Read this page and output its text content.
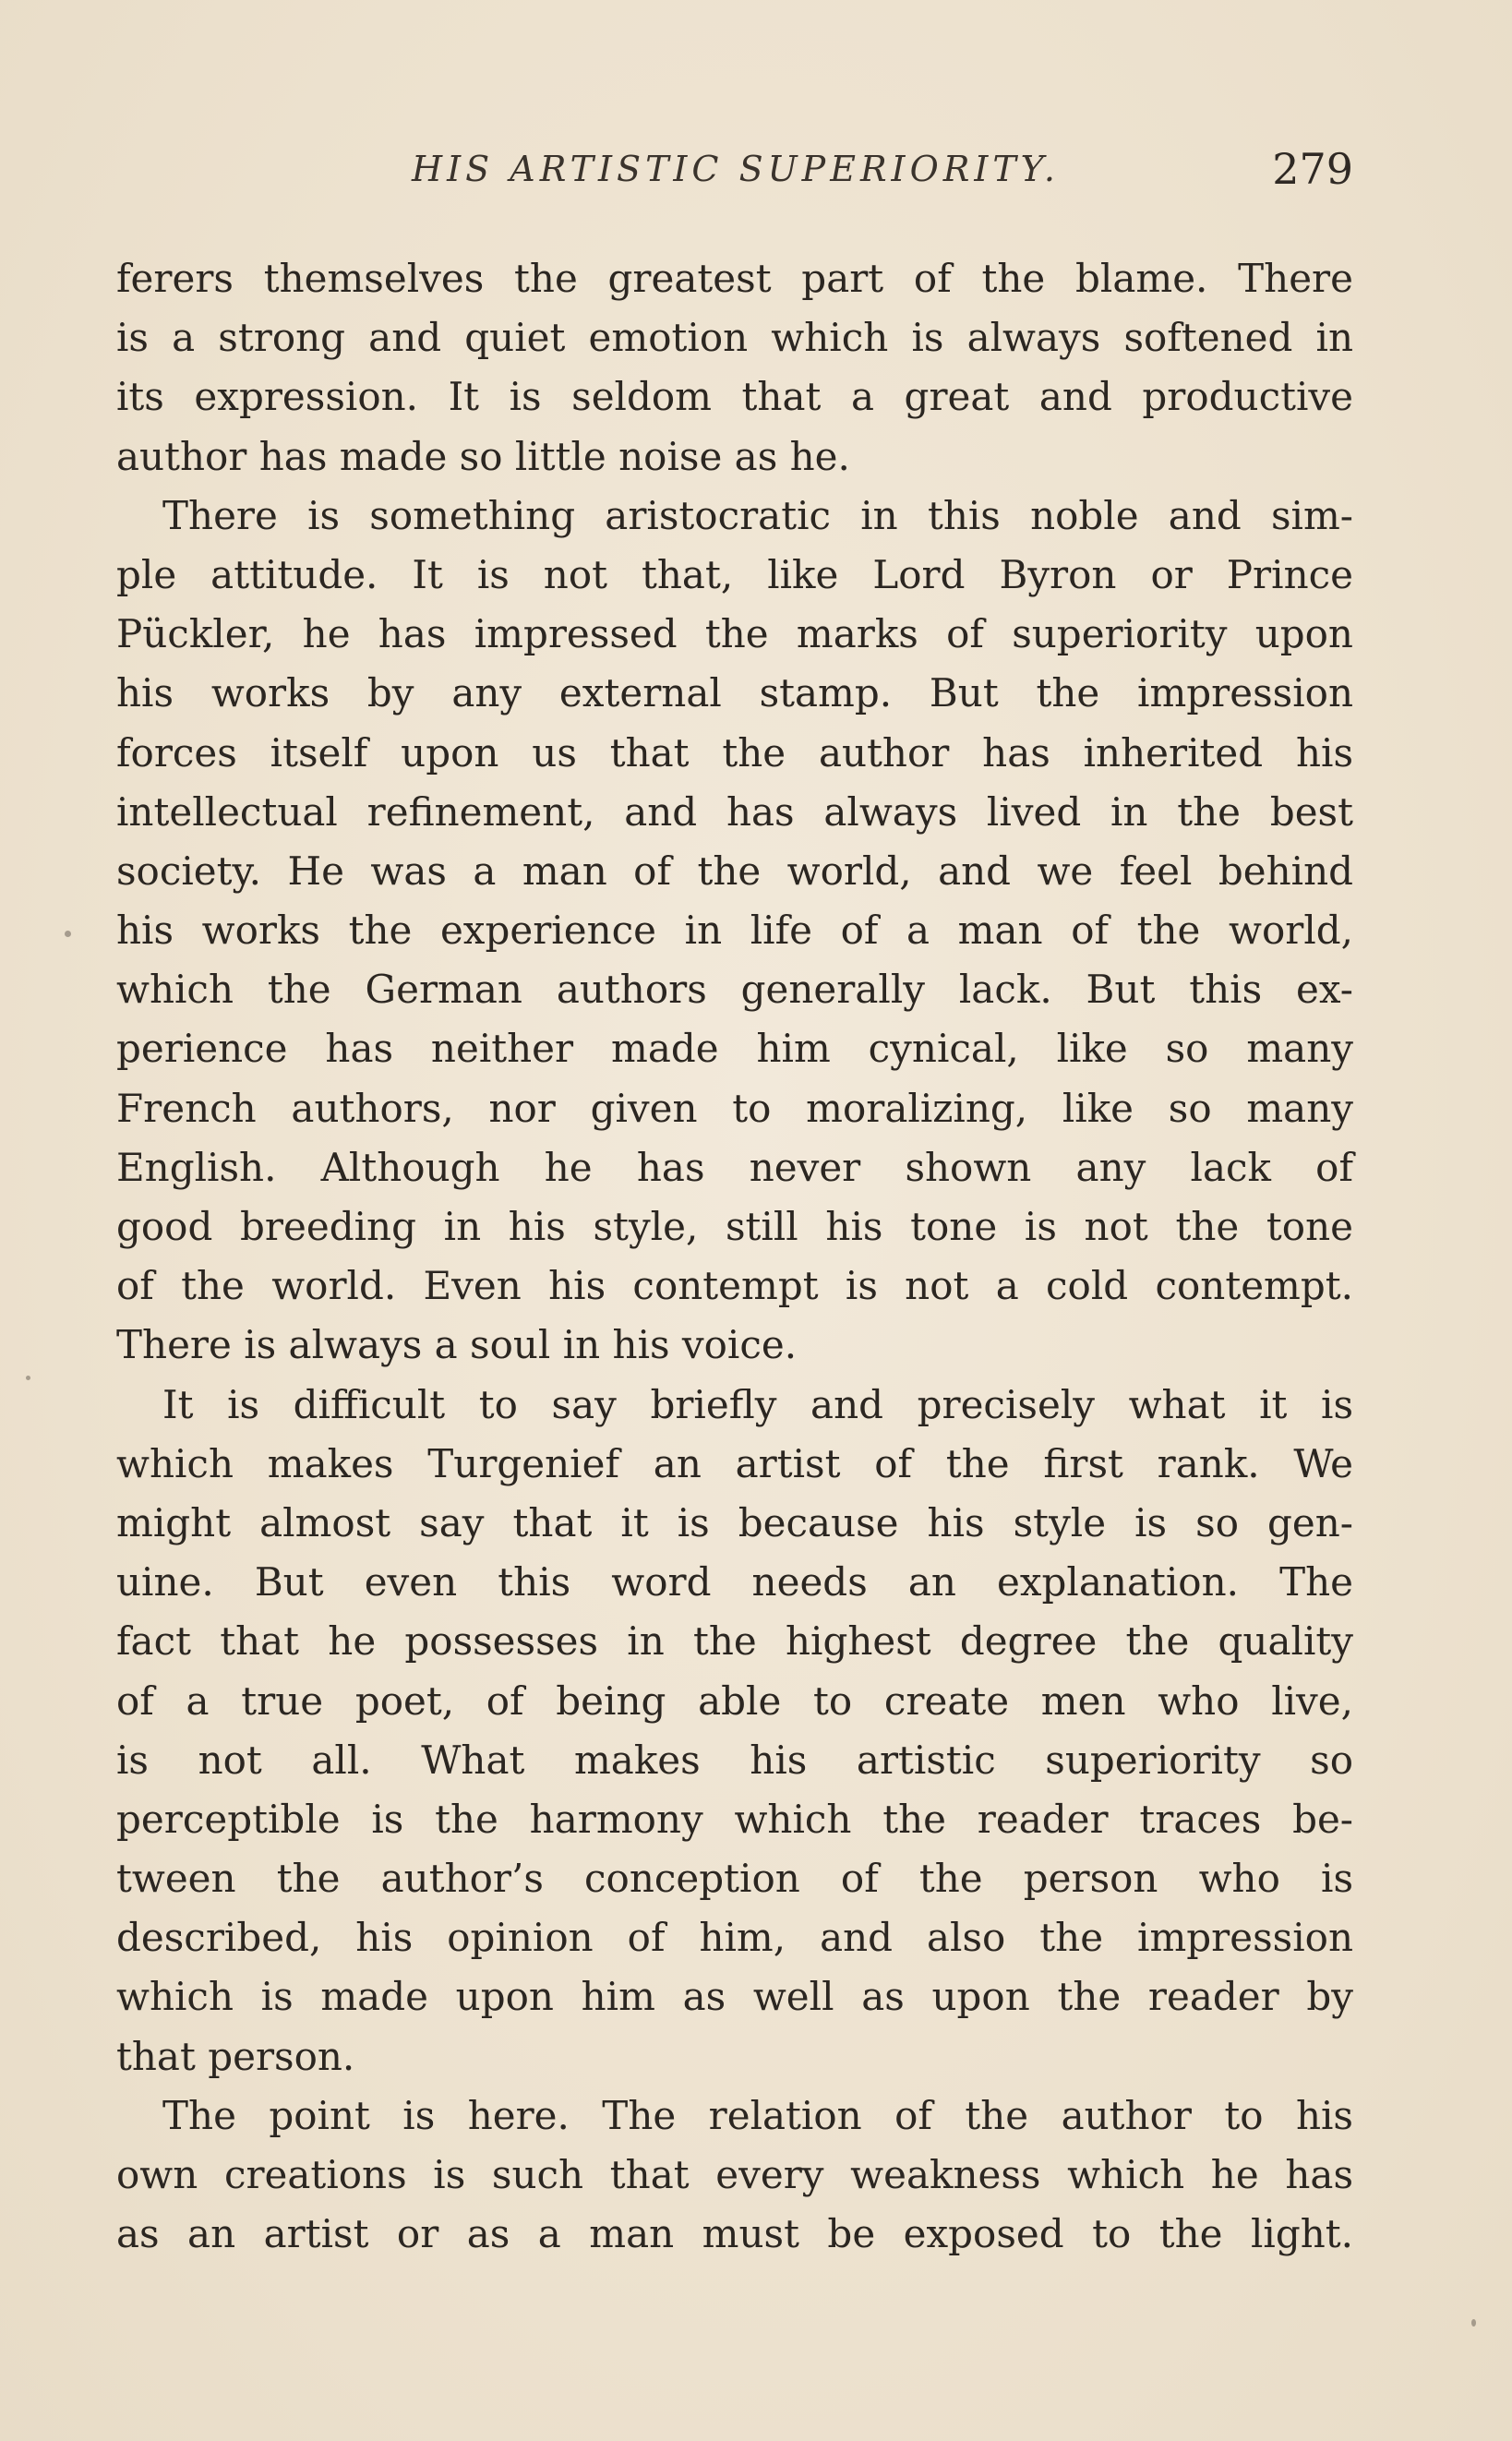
HIS ARTISTIC SUPERIORITY.	279
ferers themselves the greatest part of the blame. There
is a strong and quiet emotion which is always softened in
its expression. It is seldom that a great and productive
author has made so little noise as he.
There is something aristocratic in this noble and sim-
ple attitude. It is not that, like Lord Byron or Prince
Pückler, he has impressed the marks of superiority upon
his works by any external stamp. But the impression
forces itself upon us that the author has inherited his
intellectual refinement, and has always lived in the best
society. He was a man of the world, and we feel behind
his works the experience in life of a man of the world,
which the German authors generally lack. But this ex-
perience has neither made him cynical, like so many
French authors, nor given to moralizing, like so many
English. Although he has never shown any lack of
good breeding in his style, still his tone is not the tone
of the world. Even his contempt is not a cold contempt.
There is always a soul in his voice.
It is difficult to say briefly and precisely what it is
which makes Turgenief an artist of the first rank. We
might almost say that it is because his style is so gen-
uine. But even this word needs an explanation. The
fact that he possesses in the highest degree the quality
of a true poet, of being able to create men who live,
is not all. What makes his artistic superiority so
perceptible is the harmony which the reader traces be-
tween the author’s conception of the person who is
described, his opinion of him, and also the impression
which is made upon him as well as upon the reader by
that person.
The point is here. The relation of the author to his
own creations is such that every weakness which he has
as an artist or as a man must be exposed to the light.
